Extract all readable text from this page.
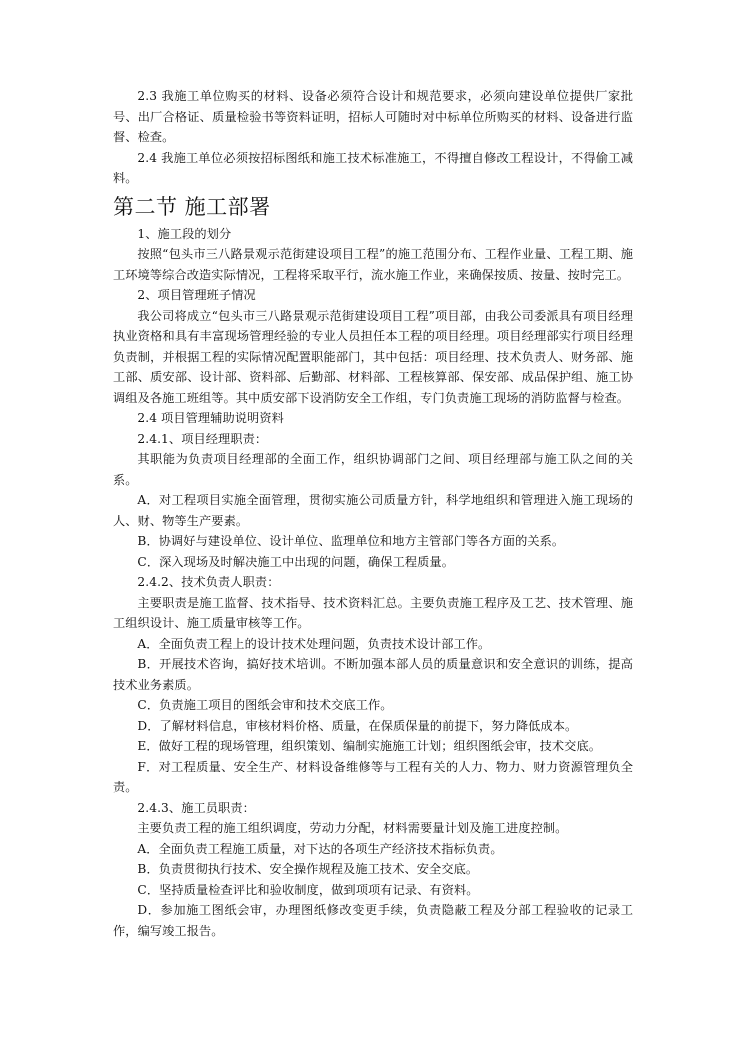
2.3 我施工单位购买的材料、设备必须符合设计和规范要求，必须向建设单位提供厂家批号、出厂合格证、质量检验书等资料证明，招标人可随时对中标单位所购买的材料、设备进行监督、检查。

2.4 我施工单位必须按招标图纸和施工技术标准施工，不得擅自修改工程设计，不得偷工减料。

第二节 施工部署

1、施工段的划分

按照“包头市三八路景观示范街建设项目工程”的施工范围分布、工程作业量、工程工期、施工环境等综合改造实际情况，工程将采取平行，流水施工作业，来确保按质、按量、按时完工。

2、项目管理班子情况

我公司将成立“包头市三八路景观示范街建设项目工程”项目部，由我公司委派具有项目经理执业资格和具有丰富现场管理经验的专业人员担任本工程的项目经理。项目经理部实行项目经理负责制，并根据工程的实际情况配置职能部门，其中包括：项目经理、技术负责人、财务部、施工部、质安部、设计部、资料部、后勤部、材料部、工程核算部、保安部、成品保护组、施工协调组及各施工班组等。其中质安部下设消防安全工作组，专门负责施工现场的消防监督与检查。

2.4 项目管理辅助说明资料

2.4.1、项目经理职责：

其职能为负责项目经理部的全面工作，组织协调部门之间、项目经理部与施工队之间的关系。

A．对工程项目实施全面管理，贯彻实施公司质量方针，科学地组织和管理进入施工现场的人、财、物等生产要素。

B．协调好与建设单位、设计单位、监理单位和地方主管部门等各方面的关系。

C．深入现场及时解决施工中出现的问题，确保工程质量。

2.4.2、技术负责人职责：

主要职责是施工监督、技术指导、技术资料汇总。主要负责施工程序及工艺、技术管理、施工组织设计、施工质量审核等工作。

A．全面负责工程上的设计技术处理问题，负责技术设计部工作。

B．开展技术咨询，搞好技术培训。不断加强本部人员的质量意识和安全意识的训练，提高技术业务素质。

C．负责施工项目的图纸会审和技术交底工作。

D．了解材料信息，审核材料价格、质量，在保质保量的前提下，努力降低成本。

E．做好工程的现场管理，组织策划、编制实施施工计划；组织图纸会审，技术交底。

F．对工程质量、安全生产、材料设备维修等与工程有关的人力、物力、财力资源管理负全责。

2.4.3、施工员职责：

主要负责工程的施工组织调度，劳动力分配，材料需要量计划及施工进度控制。

A．全面负责工程施工质量，对下达的各项生产经济技术指标负责。

B．负责贯彻执行技术、安全操作规程及施工技术、安全交底。

C．坚持质量检查评比和验收制度，做到项项有记录、有资料。

D．参加施工图纸会审，办理图纸修改变更手续，负责隐蔽工程及分部工程验收的记录工作，编写竣工报告。
